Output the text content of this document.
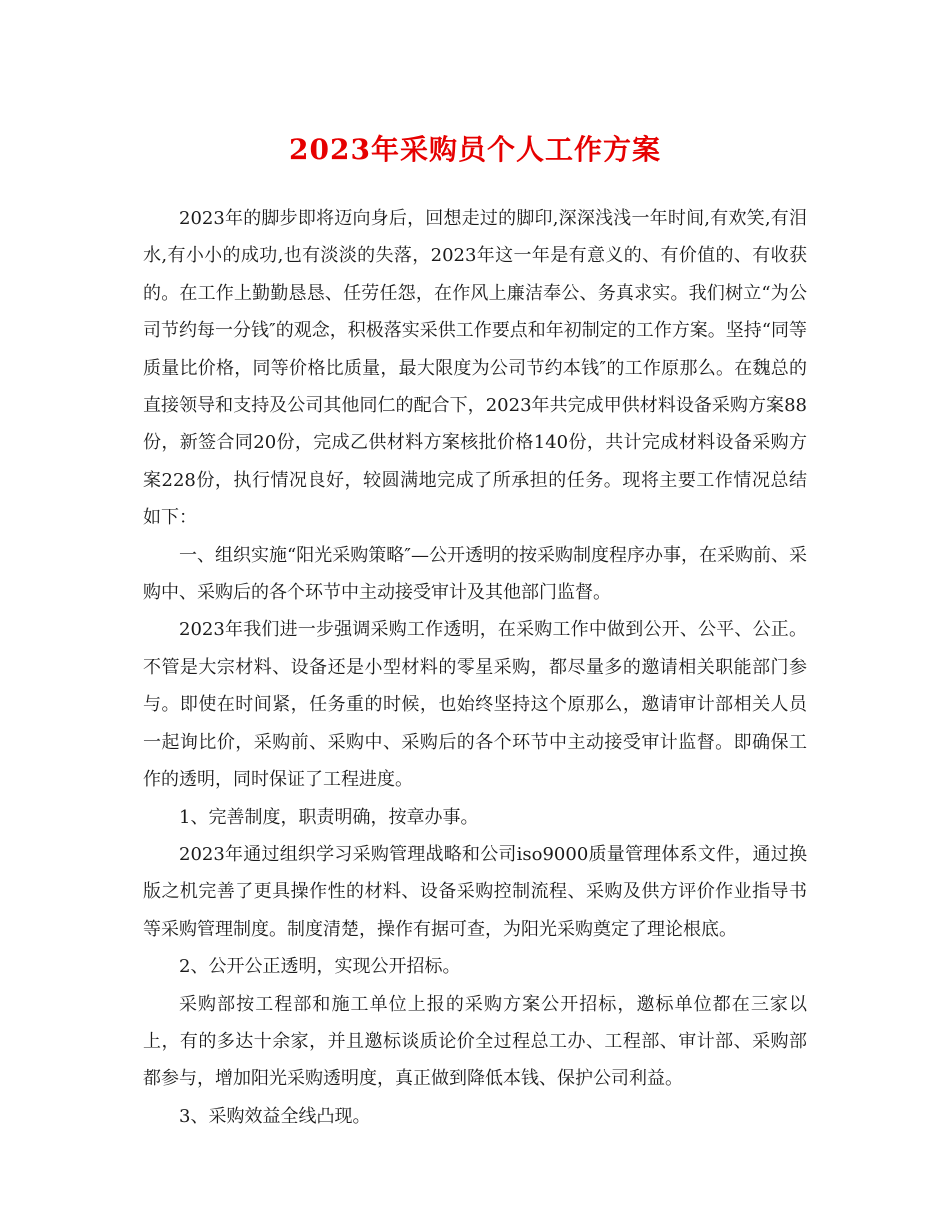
2023年采购员个人工作方案

2023年的脚步即将迈向身后，回想走过的脚印,深深浅浅一年时间,有欢笑,有泪水,有小小的成功,也有淡淡的失落，2023年这一年是有意义的、有价值的、有收获的。在工作上勤勤恳恳、任劳任怨，在作风上廉洁奉公、务真求实。我们树立“为公司节约每一分钱″的观念，积极落实采供工作要点和年初制定的工作方案。坚持“同等质量比价格，同等价格比质量，最大限度为公司节约本钱″的工作原那么。在魏总的直接领导和支持及公司其他同仁的配合下，2023年共完成甲供材料设备采购方案88份，新签合同20份，完成乙供材料方案核批价格140份，共计完成材料设备采购方案228份，执行情况良好，较圆满地完成了所承担的任务。现将主要工作情况总结如下：

一、组织实施“阳光采购策略″—公开透明的按采购制度程序办事，在采购前、采购中、采购后的各个环节中主动接受审计及其他部门监督。

2023年我们进一步强调采购工作透明，在采购工作中做到公开、公平、公正。不管是大宗材料、设备还是小型材料的零星采购，都尽量多的邀请相关职能部门参与。即使在时间紧，任务重的时候，也始终坚持这个原那么，邀请审计部相关人员一起询比价，采购前、采购中、采购后的各个环节中主动接受审计监督。即确保工作的透明，同时保证了工程进度。

1、完善制度，职责明确，按章办事。

2023年通过组织学习采购管理战略和公司iso9000质量管理体系文件，通过换版之机完善了更具操作性的材料、设备采购控制流程、采购及供方评价作业指导书等采购管理制度。制度清楚，操作有据可查，为阳光采购奠定了理论根底。

2、公开公正透明，实现公开招标。

采购部按工程部和施工单位上报的采购方案公开招标，邀标单位都在三家以上，有的多达十余家，并且邀标谈质论价全过程总工办、工程部、审计部、采购部都参与，增加阳光采购透明度，真正做到降低本钱、保护公司利益。

3、采购效益全线凸现。
